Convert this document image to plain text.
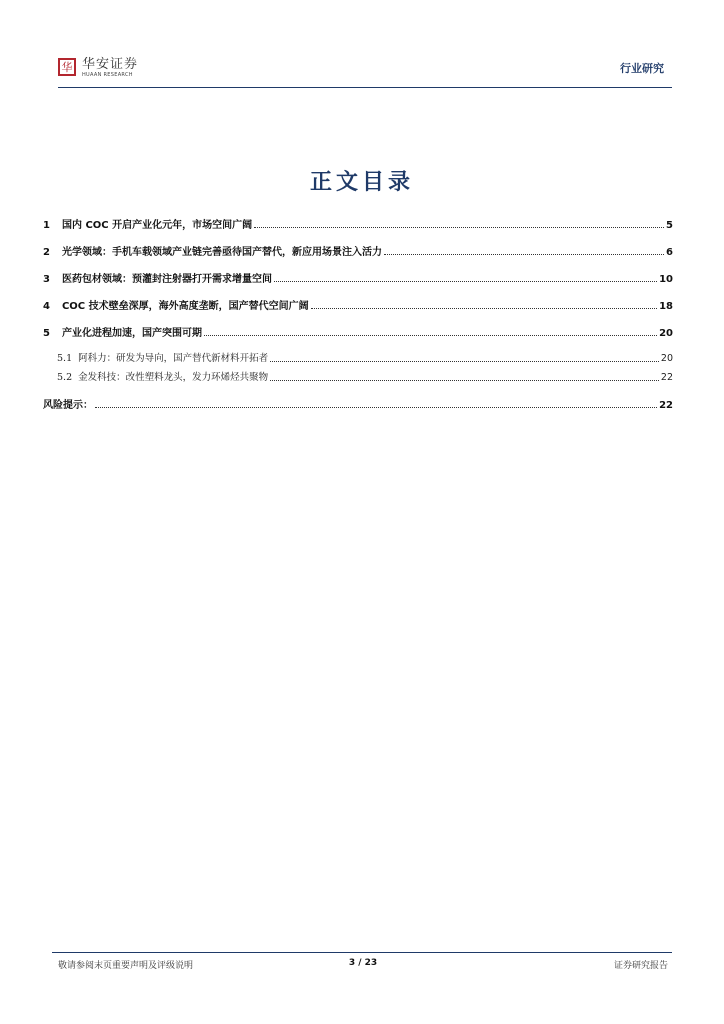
华 华安证券
HUAAN RESEARCH	行业研究
正文目录
1 国内 COC 开启产业化元年，市场空间广阔	5
2 光学领域：手机车载领域产业链完善亟待国产替代，新应用场景注入活力	6
3 医药包材领域：预灌封注射器打开需求增量空间	10
4 COC 技术壁垒深厚，海外高度垄断，国产替代空间广阔	18
5 产业化进程加速，国产突围可期	20
5.1 阿科力：研发为导向，国产替代新材料开拓者	20
5.2 金发科技：改性塑料龙头，发力环烯烃共聚物	22
风险提示：	22
敬请参阅末页重要声明及评级说明	3 / 23	证券研究报告
